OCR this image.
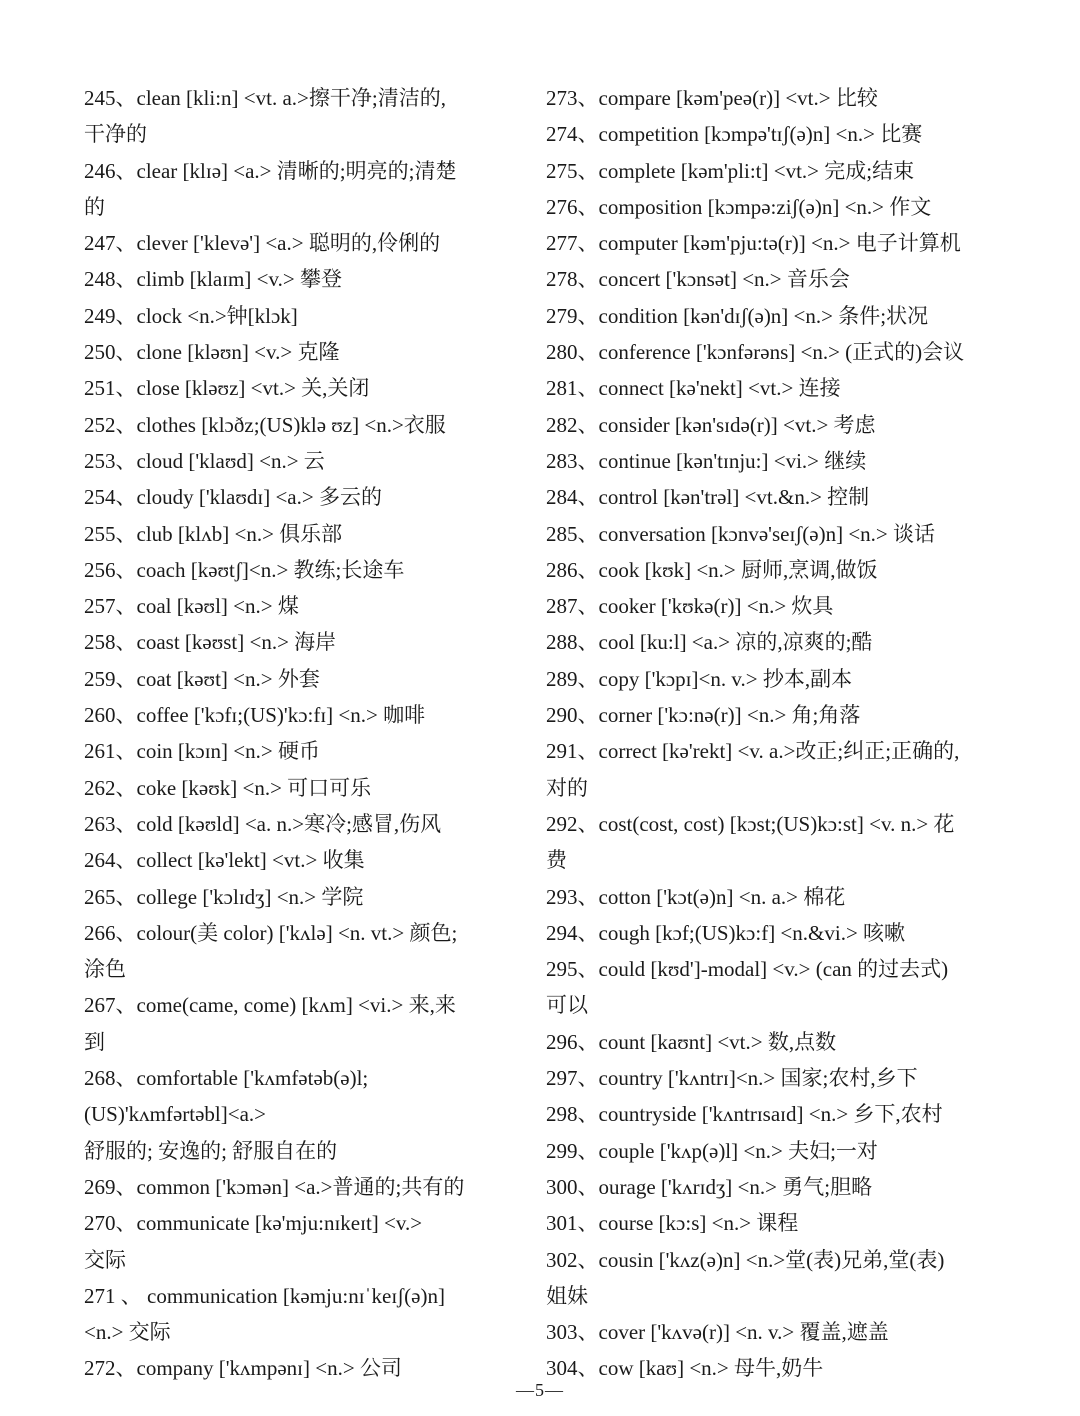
245、clean [kli:n] <vt. a.>擦干净;清洁的,
干净的
246、clear [klɪə] <a.> 清晰的;明亮的;清楚
的
247、clever ['klevə'] <a.> 聪明的,伶俐的
248、climb [klaɪm] <v.> 攀登
249、clock <n.>钟[klɔk]
250、clone [kləʊn] <v.> 克隆
251、close [kləʊz] <vt.> 关,关闭
252、clothes [klɔðz;(US)klə ʊz] <n.>衣服
253、cloud ['klaʊd] <n.> 云
254、cloudy ['klaʊdɪ] <a.> 多云的
255、club [klʌb] <n.> 俱乐部
256、coach [kəʊtʃ]<n.> 教练;长途车
257、coal [kəʊl] <n.> 煤
258、coast [kəʊst] <n.> 海岸
259、coat [kəʊt] <n.> 外套
260、coffee ['kɔfɪ;(US)'kɔ:fɪ] <n.> 咖啡
261、coin [kɔɪn] <n.> 硬币
262、coke [kəʊk] <n.> 可口可乐
263、cold [kəʊld] <a. n.>寒冷;感冒,伤风
264、collect [kə'lekt] <vt.> 收集
265、college ['kɔlɪdʒ] <n.> 学院
266、colour(美 color) ['kʌlə] <n. vt.> 颜色;
涂色
267、come(came, come) [kʌm] <vi.> 来,来
到
268、comfortable ['kʌmfətəb(ə)l;
(US)'kʌmfərtəbl]<a.>
舒服的; 安逸的; 舒服自在的
269、common ['kɔmən] <a.>普通的;共有的
270、communicate [kə'mju:nɪkeɪt] <v.>
交际
271 、 communication [kəmju:nɪˈkeɪʃ(ə)n]
<n.> 交际
272、company ['kʌmpənɪ] <n.> 公司
273、compare [kəm'peə(r)] <vt.> 比较
274、competition [kɔmpə'tɪʃ(ə)n] <n.> 比赛
275、complete [kəm'pli:t] <vt.> 完成;结束
276、composition [kɔmpə:ziʃ(ə)n] <n.> 作文
277、computer [kəm'pju:tə(r)] <n.> 电子计算机
278、concert ['kɔnsət] <n.> 音乐会
279、condition [kən'dɪʃ(ə)n] <n.> 条件;状况
280、conference ['kɔnfərəns] <n.> (正式的)会议
281、connect [kə'nekt] <vt.> 连接
282、consider [kən'sɪdə(r)] <vt.> 考虑
283、continue [kən'tɪnju:] <vi.> 继续
284、control [kən'trəl] <vt.&n.> 控制
285、conversation [kɔnvə'seɪʃ(ə)n] <n.> 谈话
286、cook [kʊk] <n.> 厨师,烹调,做饭
287、cooker ['kʊkə(r)] <n.> 炊具
288、cool [ku:l] <a.> 凉的,凉爽的;酷
289、copy ['kɔpɪ]<n. v.> 抄本,副本
290、corner ['kɔ:nə(r)] <n.> 角;角落
291、correct [kə'rekt] <v. a.>改正;纠正;正确的,
对的
292、cost(cost, cost) [kɔst;(US)kɔ:st] <v. n.> 花
费
293、cotton ['kɔt(ə)n] <n. a.> 棉花
294、cough [kɔf;(US)kɔ:f] <n.&vi.> 咳嗽
295、could [kʊd']-modal] <v.> (can 的过去式)
可以
296、count [kaʊnt] <vt.> 数,点数
297、country ['kʌntrɪ]<n.> 国家;农村,乡下
298、countryside ['kʌntrɪsaɪd] <n.> 乡下,农村
299、couple ['kʌp(ə)l] <n.> 夫妇;一对
300、ourage ['kʌrɪdʒ] <n.> 勇气;胆略
301、course [kɔ:s] <n.> 课程
302、cousin ['kʌz(ə)n] <n.>堂(表)兄弟,堂(表)
姐妹
303、cover ['kʌvə(r)] <n. v.> 覆盖,遮盖
304、cow [kaʊ] <n.> 母牛,奶牛
—5—
